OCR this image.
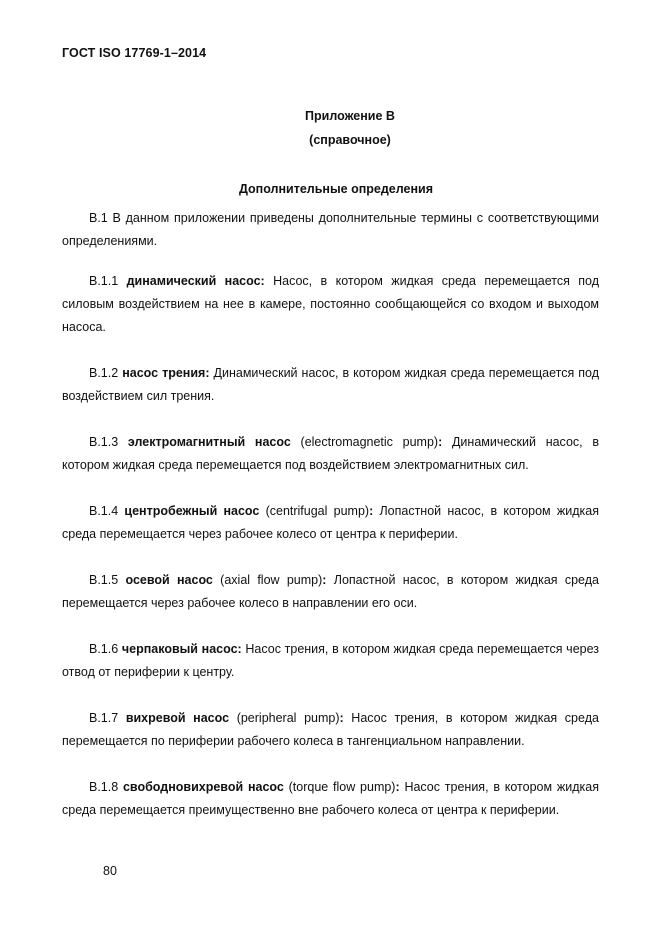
ГОСТ ISO 17769-1–2014
Приложение В
(справочное)
Дополнительные определения

В.1 В данном приложении приведены дополнительные термины с соответствующими определениями.

В.1.1 динамический насос: Насос, в котором жидкая среда перемещается под силовым воздействием на нее в камере, постоянно сообщающейся со входом и выходом насоса.

В.1.2 насос трения: Динамический насос, в котором жидкая среда перемещается под воздействием сил трения.

В.1.3 электромагнитный насос (electromagnetic pump): Динамический насос, в котором жидкая среда перемещается под воздействием электромагнитных сил.

В.1.4 центробежный насос (centrifugal pump): Лопастной насос, в котором жидкая среда перемещается через рабочее колесо от центра к периферии.

В.1.5 осевой насос (axial flow pump): Лопастной насос, в котором жидкая среда перемещается через рабочее колесо в направлении его оси.

В.1.6 черпаковый насос: Насос трения, в котором жидкая среда перемещается через отвод от периферии к центру.

В.1.7 вихревой насос (peripheral pump): Насос трения, в котором жидкая среда перемещается по периферии рабочего колеса в тангенциальном направлении.

В.1.8 свободновихревой насос (torque flow pump): Насос трения, в котором жидкая среда перемещается преимущественно вне рабочего колеса от центра к периферии.

80
